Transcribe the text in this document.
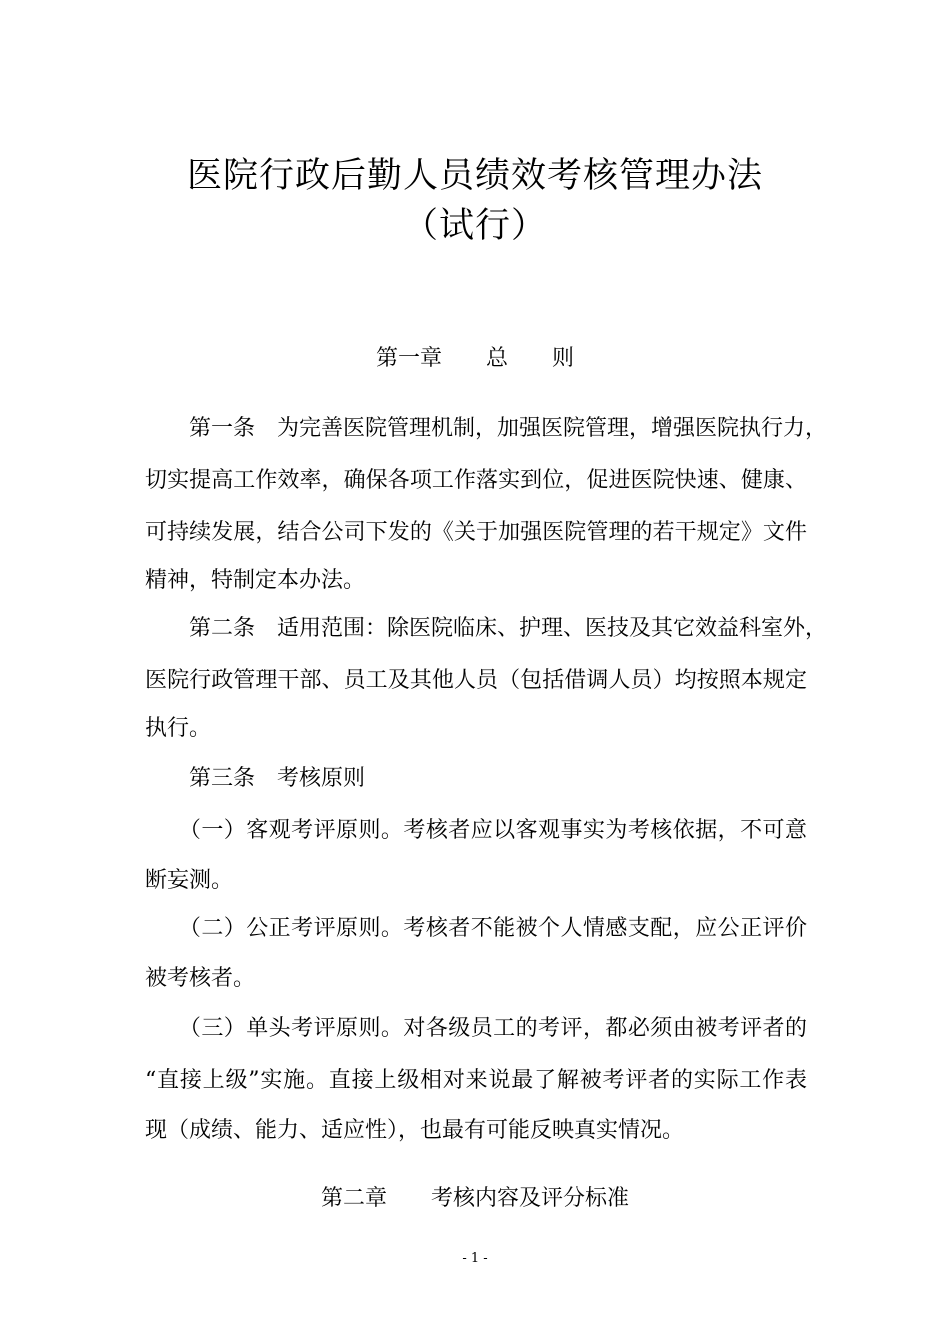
医院行政后勤人员绩效考核管理办法
（试行）
第一章　　总　　则
　　第一条　为完善医院管理机制，加强医院管理，增强医院执行力，
切实提高工作效率，确保各项工作落实到位，促进医院快速、健康、
可持续发展，结合公司下发的《关于加强医院管理的若干规定》文件
精神，特制定本办法。
　　第二条　适用范围：除医院临床、护理、医技及其它效益科室外，
医院行政管理干部、员工及其他人员（包括借调人员）均按照本规定
执行。
　　第三条　考核原则
　　（一）客观考评原则。考核者应以客观事实为考核依据，不可意
断妄测。
　　（二）公正考评原则。考核者不能被个人情感支配，应公正评价
被考核者。
　　（三）单头考评原则。对各级员工的考评，都必须由被考评者的
“直接上级”实施。直接上级相对来说最了解被考评者的实际工作表
现（成绩、能力、适应性），也最有可能反映真实情况。
第二章　　考核内容及评分标准
- 1 -
